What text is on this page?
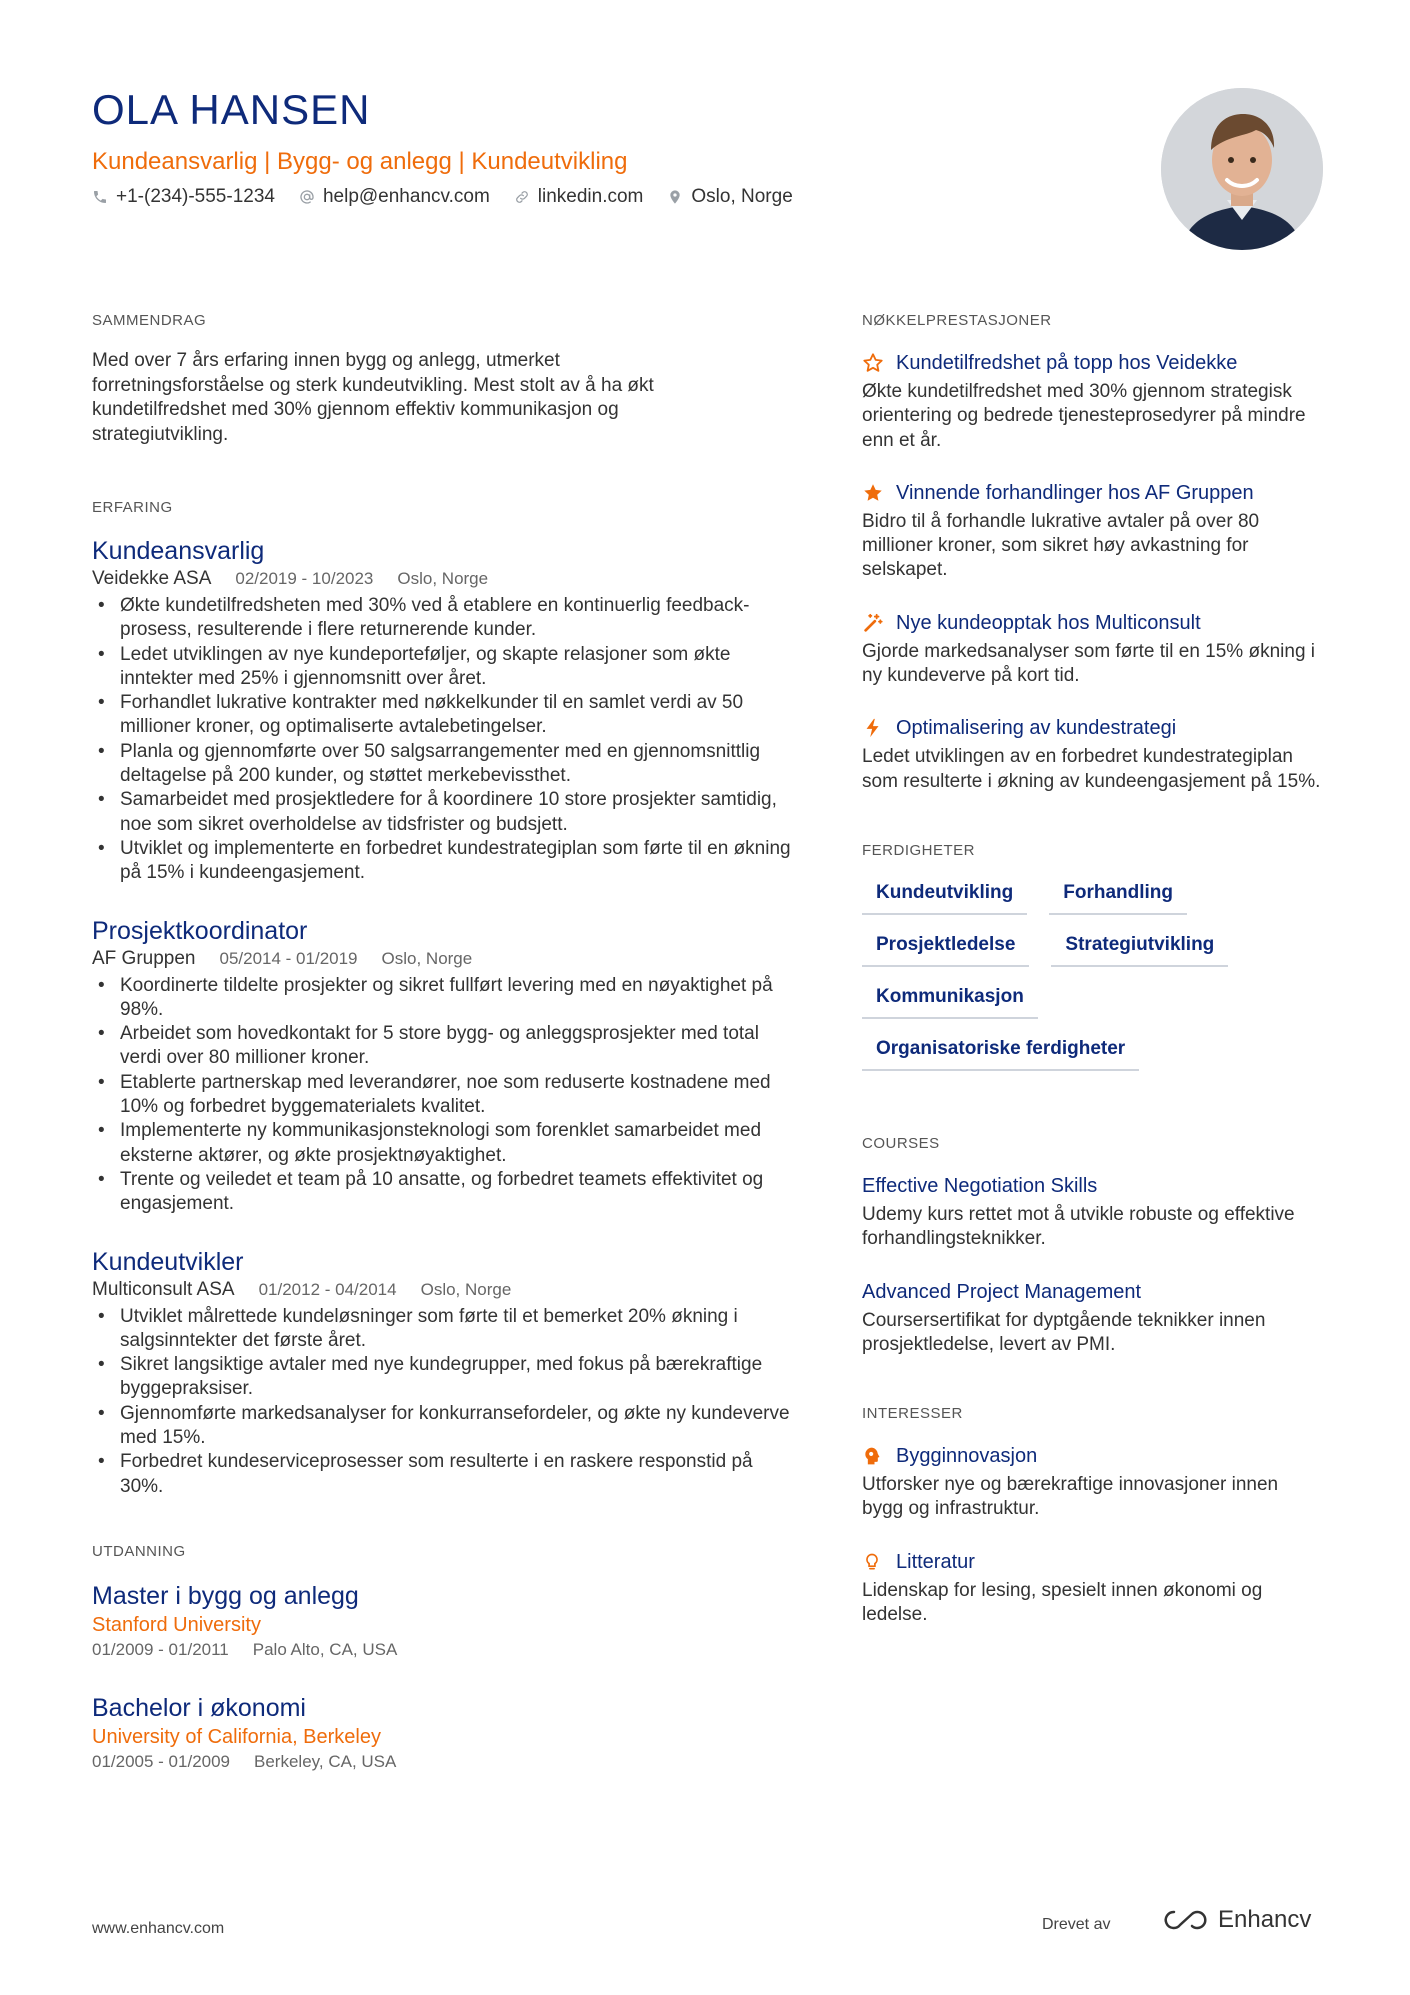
OLA HANSEN
Kundeansvarlig | Bygg- og anlegg | Kundeutvikling
+1-(234)-555-1234	help@enhancv.com	linkedin.com	Oslo, Norge
SAMMENDRAG

Med over 7 års erfaring innen bygg og anlegg, utmerket forretningsforståelse og sterk kundeutvikling. Mest stolt av å ha økt kundetilfredshet med 30% gjennom effektiv kommunikasjon og strategiutvikling.

ERFARING
Kundeansvarlig
Veidekke ASA 02/2019 - 10/2023 Oslo, Norge
• Økte kundetilfredsheten med 30% ved å etablere en kontinuerlig feedback-prosess, resulterende i flere returnerende kunder.
• Ledet utviklingen av nye kundeporteføljer, og skapte relasjoner som økte inntekter med 25% i gjennomsnitt over året.
• Forhandlet lukrative kontrakter med nøkkelkunder til en samlet verdi av 50 millioner kroner, og optimaliserte avtalebetingelser.
• Planla og gjennomførte over 50 salgsarrangementer med en gjennomsnittlig deltagelse på 200 kunder, og støttet merkebevissthet.
• Samarbeidet med prosjektledere for å koordinere 10 store prosjekter samtidig, noe som sikret overholdelse av tidsfrister og budsjett.
• Utviklet og implementerte en forbedret kundestrategiplan som førte til en økning på 15% i kundeengasjement.
Prosjektkoordinator
AF Gruppen 05/2014 - 01/2019 Oslo, Norge
• Koordinerte tildelte prosjekter og sikret fullført levering med en nøyaktighet på 98%.
• Arbeidet som hovedkontakt for 5 store bygg- og anleggsprosjekter med total verdi over 80 millioner kroner.
• Etablerte partnerskap med leverandører, noe som reduserte kostnadene med 10% og forbedret byggematerialets kvalitet.
• Implementerte ny kommunikasjonsteknologi som forenklet samarbeidet med eksterne aktører, og økte prosjektnøyaktighet.
• Trente og veiledet et team på 10 ansatte, og forbedret teamets effektivitet og engasjement.
Kundeutvikler
Multiconsult ASA 01/2012 - 04/2014 Oslo, Norge
• Utviklet målrettede kundeløsninger som førte til et bemerket 20% økning i salgsinntekter det første året.
• Sikret langsiktige avtaler med nye kundegrupper, med fokus på bærekraftige byggepraksiser.
• Gjennomførte markedsanalyser for konkurransefordeler, og økte ny kundeverve med 15%.
• Forbedret kundeserviceprosesser som resulterte i en raskere responstid på 30%.
UTDANNING
Master i bygg og anlegg
Stanford University
01/2009 - 01/2011 Palo Alto, CA, USA
Bachelor i økonomi
University of California, Berkeley
01/2005 - 01/2009 Berkeley, CA, USA
NØKKELPRESTASJONER
Kundetilfredshet på topp hos Veidekke
Økte kundetilfredshet med 30% gjennom strategisk orientering og bedrede tjenesteprosedyrer på mindre enn et år.
Vinnende forhandlinger hos AF Gruppen
Bidro til å forhandle lukrative avtaler på over 80 millioner kroner, som sikret høy avkastning for selskapet.
Nye kundeopptak hos Multiconsult
Gjorde markedsanalyser som førte til en 15% økning i ny kundeverve på kort tid.
Optimalisering av kundestrategi
Ledet utviklingen av en forbedret kundestrategiplan som resulterte i økning av kundeengasjement på 15%.
FERDIGHETER
Kundeutvikling	Forhandling
Prosjektledelse	Strategiutvikling
Kommunikasjon
Organisatoriske ferdigheter
COURSES
Effective Negotiation Skills
Udemy kurs rettet mot å utvikle robuste og effektive forhandlingsteknikker.
Advanced Project Management
Coursersertifikat for dyptgående teknikker innen prosjektledelse, levert av PMI.
INTERESSER
Bygginnovasjon
Utforsker nye og bærekraftige innovasjoner innen bygg og infrastruktur.
Litteratur
Lidenskap for lesing, spesielt innen økonomi og ledelse.
www.enhancv.com	Drevet av	Enhancv
